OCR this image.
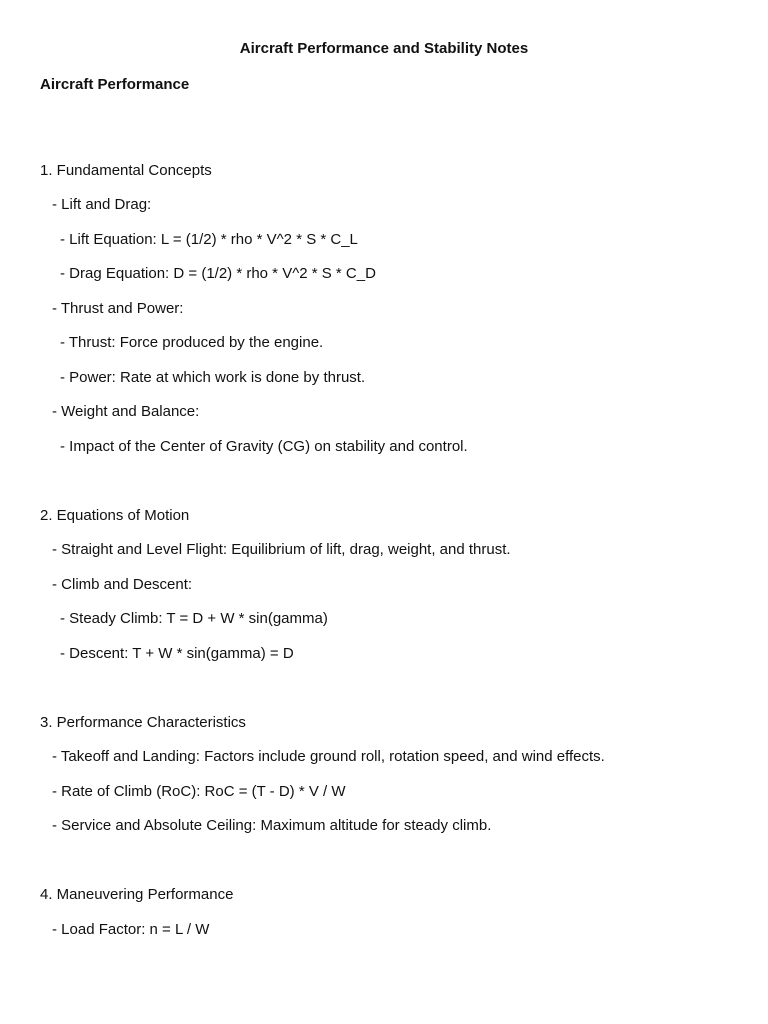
Aircraft Performance and Stability Notes
Aircraft Performance
1. Fundamental Concepts
- Lift and Drag:
- Lift Equation: L = (1/2) * rho * V^2 * S * C_L
- Drag Equation: D = (1/2) * rho * V^2 * S * C_D
- Thrust and Power:
- Thrust: Force produced by the engine.
- Power: Rate at which work is done by thrust.
- Weight and Balance:
- Impact of the Center of Gravity (CG) on stability and control.
2. Equations of Motion
- Straight and Level Flight: Equilibrium of lift, drag, weight, and thrust.
- Climb and Descent:
- Steady Climb: T = D + W * sin(gamma)
- Descent: T + W * sin(gamma) = D
3. Performance Characteristics
- Takeoff and Landing: Factors include ground roll, rotation speed, and wind effects.
- Rate of Climb (RoC): RoC = (T - D) * V / W
- Service and Absolute Ceiling: Maximum altitude for steady climb.
4. Maneuvering Performance
- Load Factor: n = L / W
